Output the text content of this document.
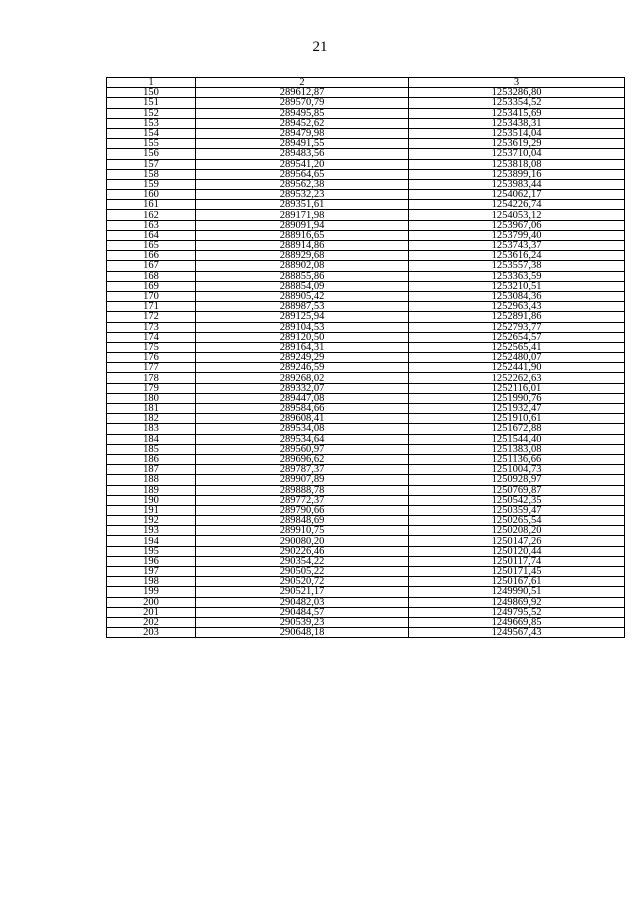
21
1	2	3
150	289612,87	1253286,80
151	289570,79	1253354,52
152	289495,85	1253415,69
153	289452,62	1253438,31
154	289479,98	1253514,04
155	289491,55	1253619,29
156	289483,56	1253710,04
157	289541,20	1253818,08
158	289564,65	1253899,16
159	289562,38	1253983,44
160	289532,23	1254062,17
161	289351,61	1254226,74
162	289171,98	1254053,12
163	289091,94	1253967,06
164	288916,65	1253799,40
165	288914,86	1253743,37
166	288929,68	1253616,24
167	288902,08	1253557,38
168	288855,86	1253363,59
169	288854,09	1253210,51
170	288905,42	1253084,36
171	288987,53	1252963,43
172	289125,94	1252891,86
173	289104,53	1252793,77
174	289120,50	1252654,57
175	289164,31	1252565,41
176	289249,29	1252480,07
177	289246,59	1252441,90
178	289268,02	1252262,63
179	289332,07	1252116,01
180	289447,08	1251990,76
181	289584,66	1251932,47
182	289608,41	1251910,61
183	289534,08	1251672,88
184	289534,64	1251544,40
185	289560,97	1251383,08
186	289696,62	1251136,66
187	289787,37	1251004,73
188	289907,89	1250928,97
189	289888,78	1250769,87
190	289772,37	1250542,35
191	289790,66	1250359,47
192	289848,69	1250265,54
193	289910,75	1250208,20
194	290080,20	1250147,26
195	290226,46	1250120,44
196	290354,22	1250117,74
197	290505,22	1250171,45
198	290520,72	1250167,61
199	290521,17	1249990,51
200	290482,03	1249869,92
201	290484,57	1249795,52
202	290539,23	1249669,85
203	290648,18	1249567,43
